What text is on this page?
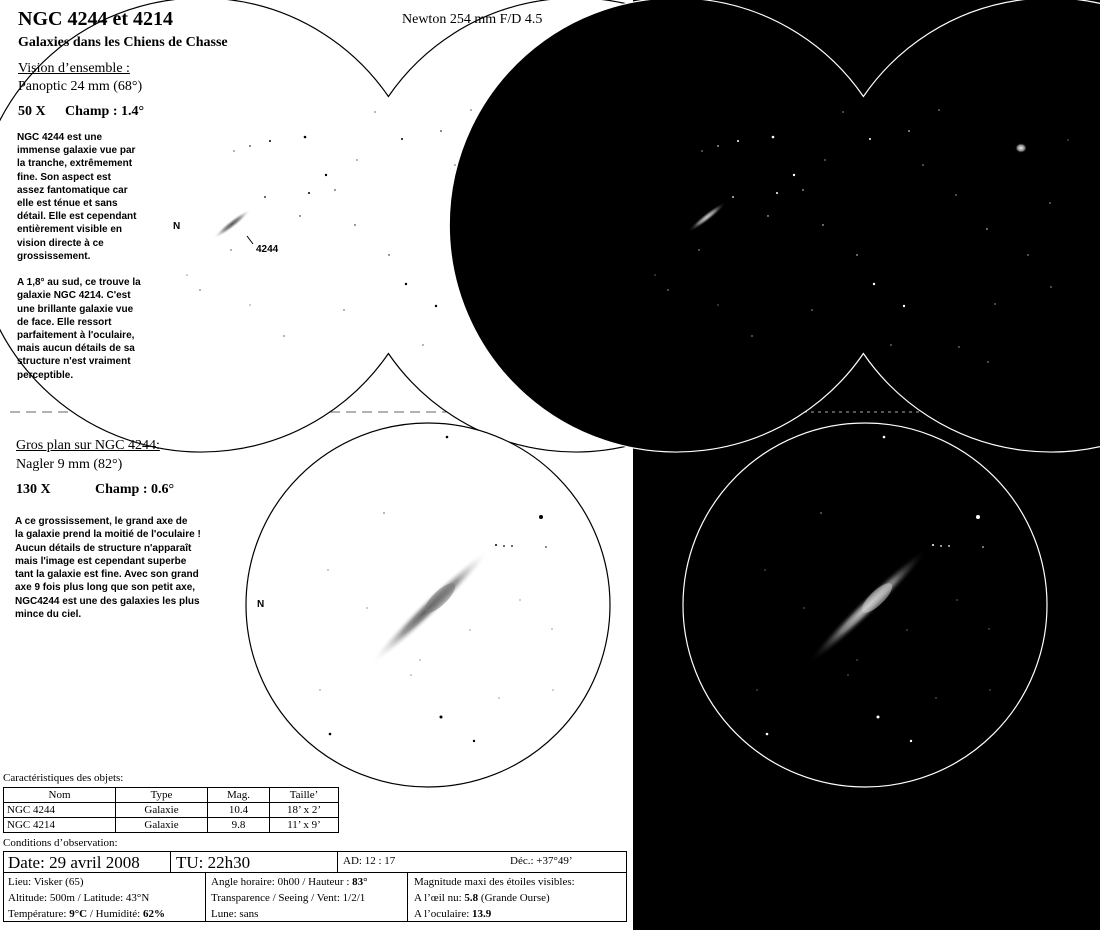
NGC 4244 et 4214
Galaxies dans les Chiens de Chasse
Newton 254 mm F/D 4.5
Vision d’ensemble :
Panoptic 24 mm (68°)
50 X Champ : 1.4°
NGC 4244 est une
immense galaxie vue par
la tranche, extrêmement
fine. Son aspect est
assez fantomatique car
elle est ténue et sans
détail. Elle est cependant
entièrement visible en
vision directe à ce
grossissement.

A 1,8° au sud, ce trouve la
galaxie NGC 4214. C'est
une brillante galaxie vue
de face. Elle ressort
parfaitement à l'oculaire,
mais aucun détails de sa
structure n'est vraiment
perceptible.
N
4244
4214
Gros plan sur NGC 4244:
Nagler 9 mm (82°)
130 X	Champ : 0.6°
A ce grossissement, le grand axe de
la galaxie prend la moitié de l'oculaire !
Aucun détails de structure n'apparaît
mais l'image est cependant superbe
tant la galaxie est fine. Avec son grand
axe 9 fois plus long que son petit axe,
NGC4244 est une des galaxies les plus
mince du ciel.
N
Caractéristiques des objets:
Nom	Type	Mag.	Taille’
NGC 4244	Galaxie	10.4	18’ x 2’
NGC 4214	Galaxie	9.8	11’ x 9’
Conditions d’observation:
Date: 29 avril 2008 TU: 22h30	AD: 12 : 17	Déc.: +37°49’
Lieu: Visker (65)
Altitude: 500m / Latitude: 43°N
Température: 9°C / Humidité: 62%
Angle horaire: 0h00 / Hauteur : 83°
Transparence / Seeing / Vent: 1/2/1
Lune: sans
Magnitude maxi des étoiles visibles:
A l’œil nu: 5.8 (Grande Ourse)
A l’oculaire: 13.9
